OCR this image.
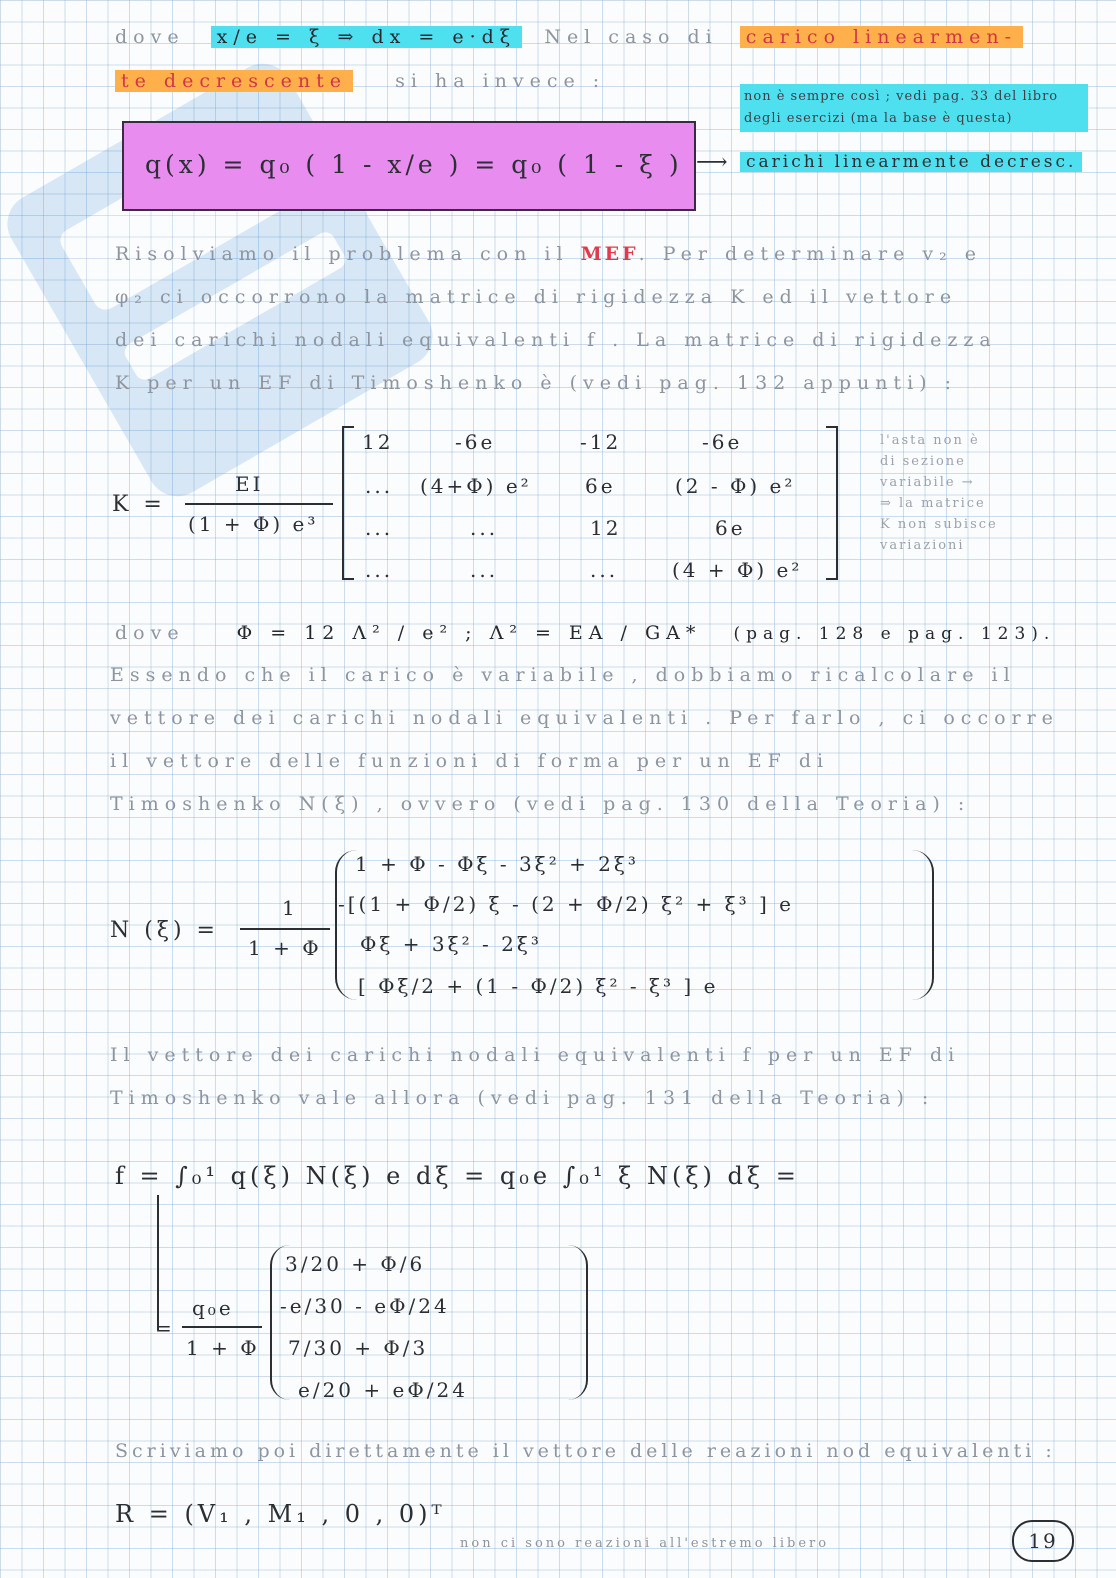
dove x/e = ξ ⇒ dx = e·dξ Nel caso di carico linearmen-
te decrescente	si ha invece :
non è sempre così ; vedi pag. 33 del libro degli esercizi (ma la base è questa)
q(x) = q₀ ( 1 - x/e ) = q₀ ( 1 - ξ ) ⟶	carichi linearmente decresc.
Risolviamo il problema con il MEF. Per determinare v₂ e
φ₂ ci occorrono la matrice di rigidezza K ed il vettore
dei carichi nodali equivalenti f . La matrice di rigidezza
K per un EF di Timoshenko è (vedi pag. 132 appunti) :
K =
EI
(1 + Φ) e³
12	-6e	-12	-6e
... (4+Φ) e²	6e	(2 - Φ) e²
...	...	12	6e
...	...	...	(4 + Φ) e²
l'asta non è
di sezione
variabile →
⇒ la matrice
K non subisce
variazioni
dove	Φ = 12 Λ² / e² ; Λ² = EA / GA* (pag. 128 e pag. 123).
Essendo che il carico è variabile , dobbiamo ricalcolare il
vettore dei carichi nodali equivalenti . Per farlo , ci occorre
il vettore delle funzioni di forma per un EF di
Timoshenko N(ξ) , ovvero (vedi pag. 130 della Teoria) :
N (ξ) =
1
1 + Φ
1 + Φ - Φξ - 3ξ² + 2ξ³
-[(1 + Φ/2) ξ - (2 + Φ/2) ξ² + ξ³ ] e
Φξ + 3ξ² - 2ξ³
[ Φξ/2 + (1 - Φ/2) ξ² - ξ³ ] e
Il vettore dei carichi nodali equivalenti f per un EF di
Timoshenko vale allora (vedi pag. 131 della Teoria) :
f = ∫₀¹ q(ξ) N(ξ) e dξ = q₀e ∫₀¹ ξ N(ξ) dξ =
=
q₀e
1 + Φ
3/20 + Φ/6
-e/30 - eΦ/24
7/30 + Φ/3
e/20 + eΦ/24
Scriviamo poi direttamente il vettore delle reazioni nod equivalenti :
R = (V₁ , M₁ , 0 , 0)ᵀ
non ci sono reazioni all'estremo libero	19
